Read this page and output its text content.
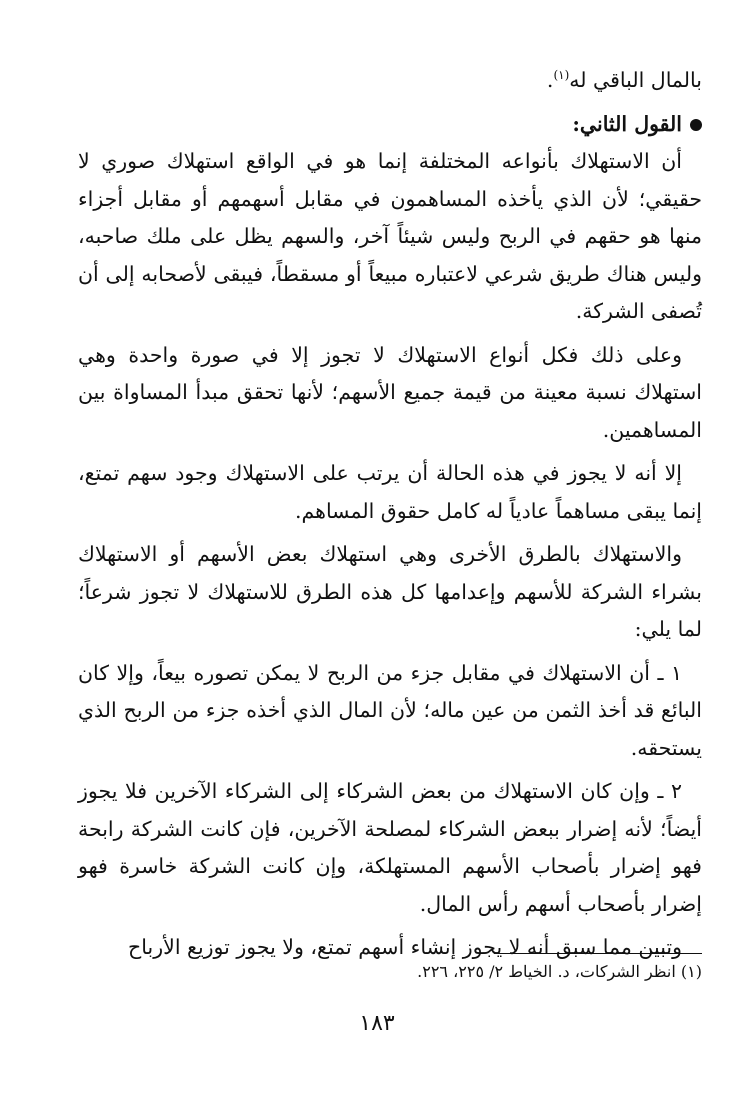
بالمال الباقي له$^{(١)}$.

القول الثاني:

أن الاستهلاك بأنواعه المختلفة إنما هو في الواقع استهلاك صوري لا حقيقي؛ لأن الذي يأخذه المساهمون في مقابل أسهمهم أو مقابل أجزاء منها هو حقهم في الربح وليس شيئاً آخر، والسهم يظل على ملك صاحبه، وليس هناك طريق شرعي لاعتباره مبيعاً أو مسقطاً، فيبقى لأصحابه إلى أن تُصفى الشركة.

وعلى ذلك فكل أنواع الاستهلاك لا تجوز إلا في صورة واحدة وهي استهلاك نسبة معينة من قيمة جميع الأسهم؛ لأنها تحقق مبدأ المساواة بين المساهمين.

إلا أنه لا يجوز في هذه الحالة أن يرتب على الاستهلاك وجود سهم تمتع، إنما يبقى مساهماً عادياً له كامل حقوق المساهم.

والاستهلاك بالطرق الأخرى وهي استهلاك بعض الأسهم أو الاستهلاك بشراء الشركة للأسهم وإعدامها كل هذه الطرق للاستهلاك لا تجوز شرعاً؛ لما يلي:

١ ـ أن الاستهلاك في مقابل جزء من الربح لا يمكن تصوره بيعاً، وإلا كان البائع قد أخذ الثمن من عين ماله؛ لأن المال الذي أخذه جزء من الربح الذي يستحقه.

٢ ـ وإن كان الاستهلاك من بعض الشركاء إلى الشركاء الآخرين فلا يجوز أيضاً؛ لأنه إضرار ببعض الشركاء لمصلحة الآخرين، فإن كانت الشركة رابحة فهو إضرار بأصحاب الأسهم المستهلكة، وإن كانت الشركة خاسرة فهو إضرار بأصحاب أسهم رأس المال.

وتبين مما سبق أنه لا يجوز إنشاء أسهم تمتع، ولا يجوز توزيع الأرباح

(١) انظر الشركات، د. الخياط ٢/ ٢٢٥، ٢٢٦.
١٨٣
